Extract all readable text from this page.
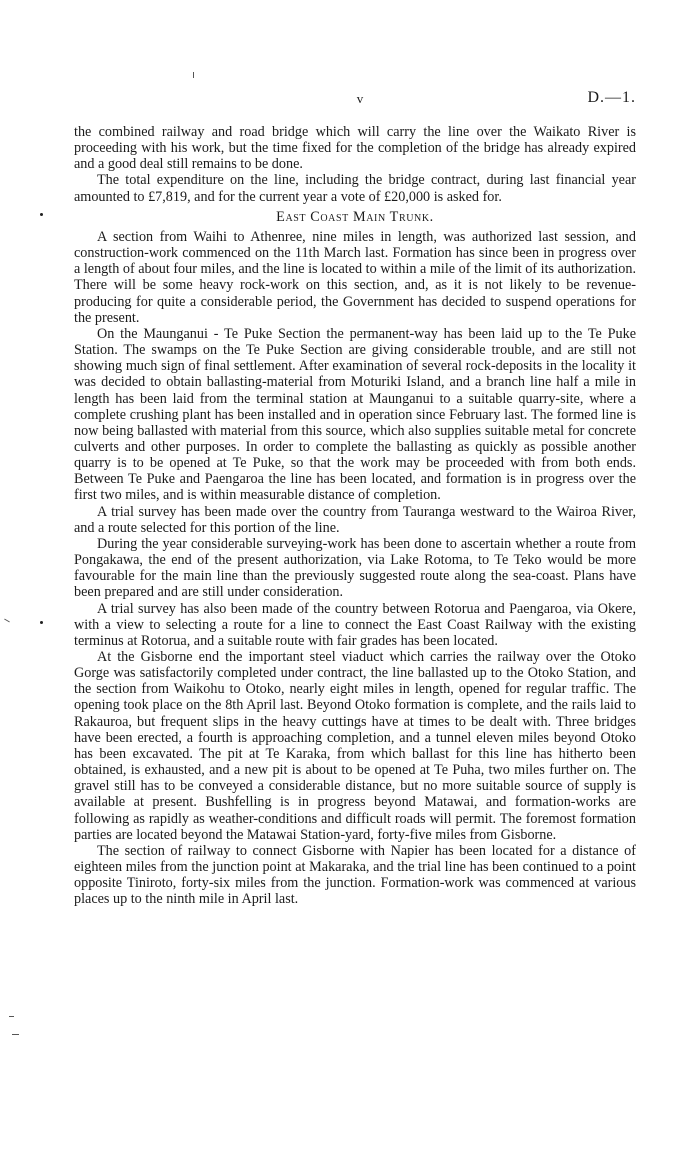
v	D.—1.

the combined railway and road bridge which will carry the line over the Waikato River is proceeding with his work, but the time fixed for the completion of the bridge has already expired and a good deal still remains to be done.

The total expenditure on the line, including the bridge contract, during last financial year amounted to £7,819, and for the current year a vote of £20,000 is asked for.

East Coast Main Trunk.

A section from Waihi to Athenree, nine miles in length, was authorized last session, and construction-work commenced on the 11th March last. Formation has since been in progress over a length of about four miles, and the line is located to within a mile of the limit of its authorization. There will be some heavy rock-work on this section, and, as it is not likely to be revenue-producing for quite a considerable period, the Government has decided to suspend operations for the present.

On the Maunganui - Te Puke Section the permanent-way has been laid up to the Te Puke Station. The swamps on the Te Puke Section are giving considerable trouble, and are still not showing much sign of final settlement. After examination of several rock-deposits in the locality it was decided to obtain ballasting-material from Moturiki Island, and a branch line half a mile in length has been laid from the terminal station at Maunganui to a suitable quarry-site, where a complete crushing plant has been installed and in operation since February last. The formed line is now being ballasted with material from this source, which also supplies suitable metal for concrete culverts and other purposes. In order to complete the ballasting as quickly as possible another quarry is to be opened at Te Puke, so that the work may be proceeded with from both ends. Between Te Puke and Paengaroa the line has been located, and formation is in progress over the first two miles, and is within measurable distance of completion.

A trial survey has been made over the country from Tauranga westward to the Wairoa River, and a route selected for this portion of the line.

During the year considerable surveying-work has been done to ascertain whether a route from Pongakawa, the end of the present authorization, via Lake Rotoma, to Te Teko would be more favourable for the main line than the previously suggested route along the sea-coast. Plans have been prepared and are still under consideration.

A trial survey has also been made of the country between Rotorua and Paengaroa, via Okere, with a view to selecting a route for a line to connect the East Coast Railway with the existing terminus at Rotorua, and a suitable route with fair grades has been located.

At the Gisborne end the important steel viaduct which carries the railway over the Otoko Gorge was satisfactorily completed under contract, the line ballasted up to the Otoko Station, and the section from Waikohu to Otoko, nearly eight miles in length, opened for regular traffic. The opening took place on the 8th April last. Beyond Otoko formation is complete, and the rails laid to Rakauroa, but frequent slips in the heavy cuttings have at times to be dealt with. Three bridges have been erected, a fourth is approaching completion, and a tunnel eleven miles beyond Otoko has been excavated. The pit at Te Karaka, from which ballast for this line has hitherto been obtained, is exhausted, and a new pit is about to be opened at Te Puha, two miles further on. The gravel still has to be conveyed a considerable distance, but no more suitable source of supply is available at present. Bushfelling is in progress beyond Matawai, and formation-works are following as rapidly as weather-conditions and difficult roads will permit. The foremost formation parties are located beyond the Matawai Station-yard, forty-five miles from Gisborne.

The section of railway to connect Gisborne with Napier has been located for a distance of eighteen miles from the junction point at Makaraka, and the trial line has been continued to a point opposite Tiniroto, forty-six miles from the junction. Formation-work was commenced at various places up to the ninth mile in April last.
